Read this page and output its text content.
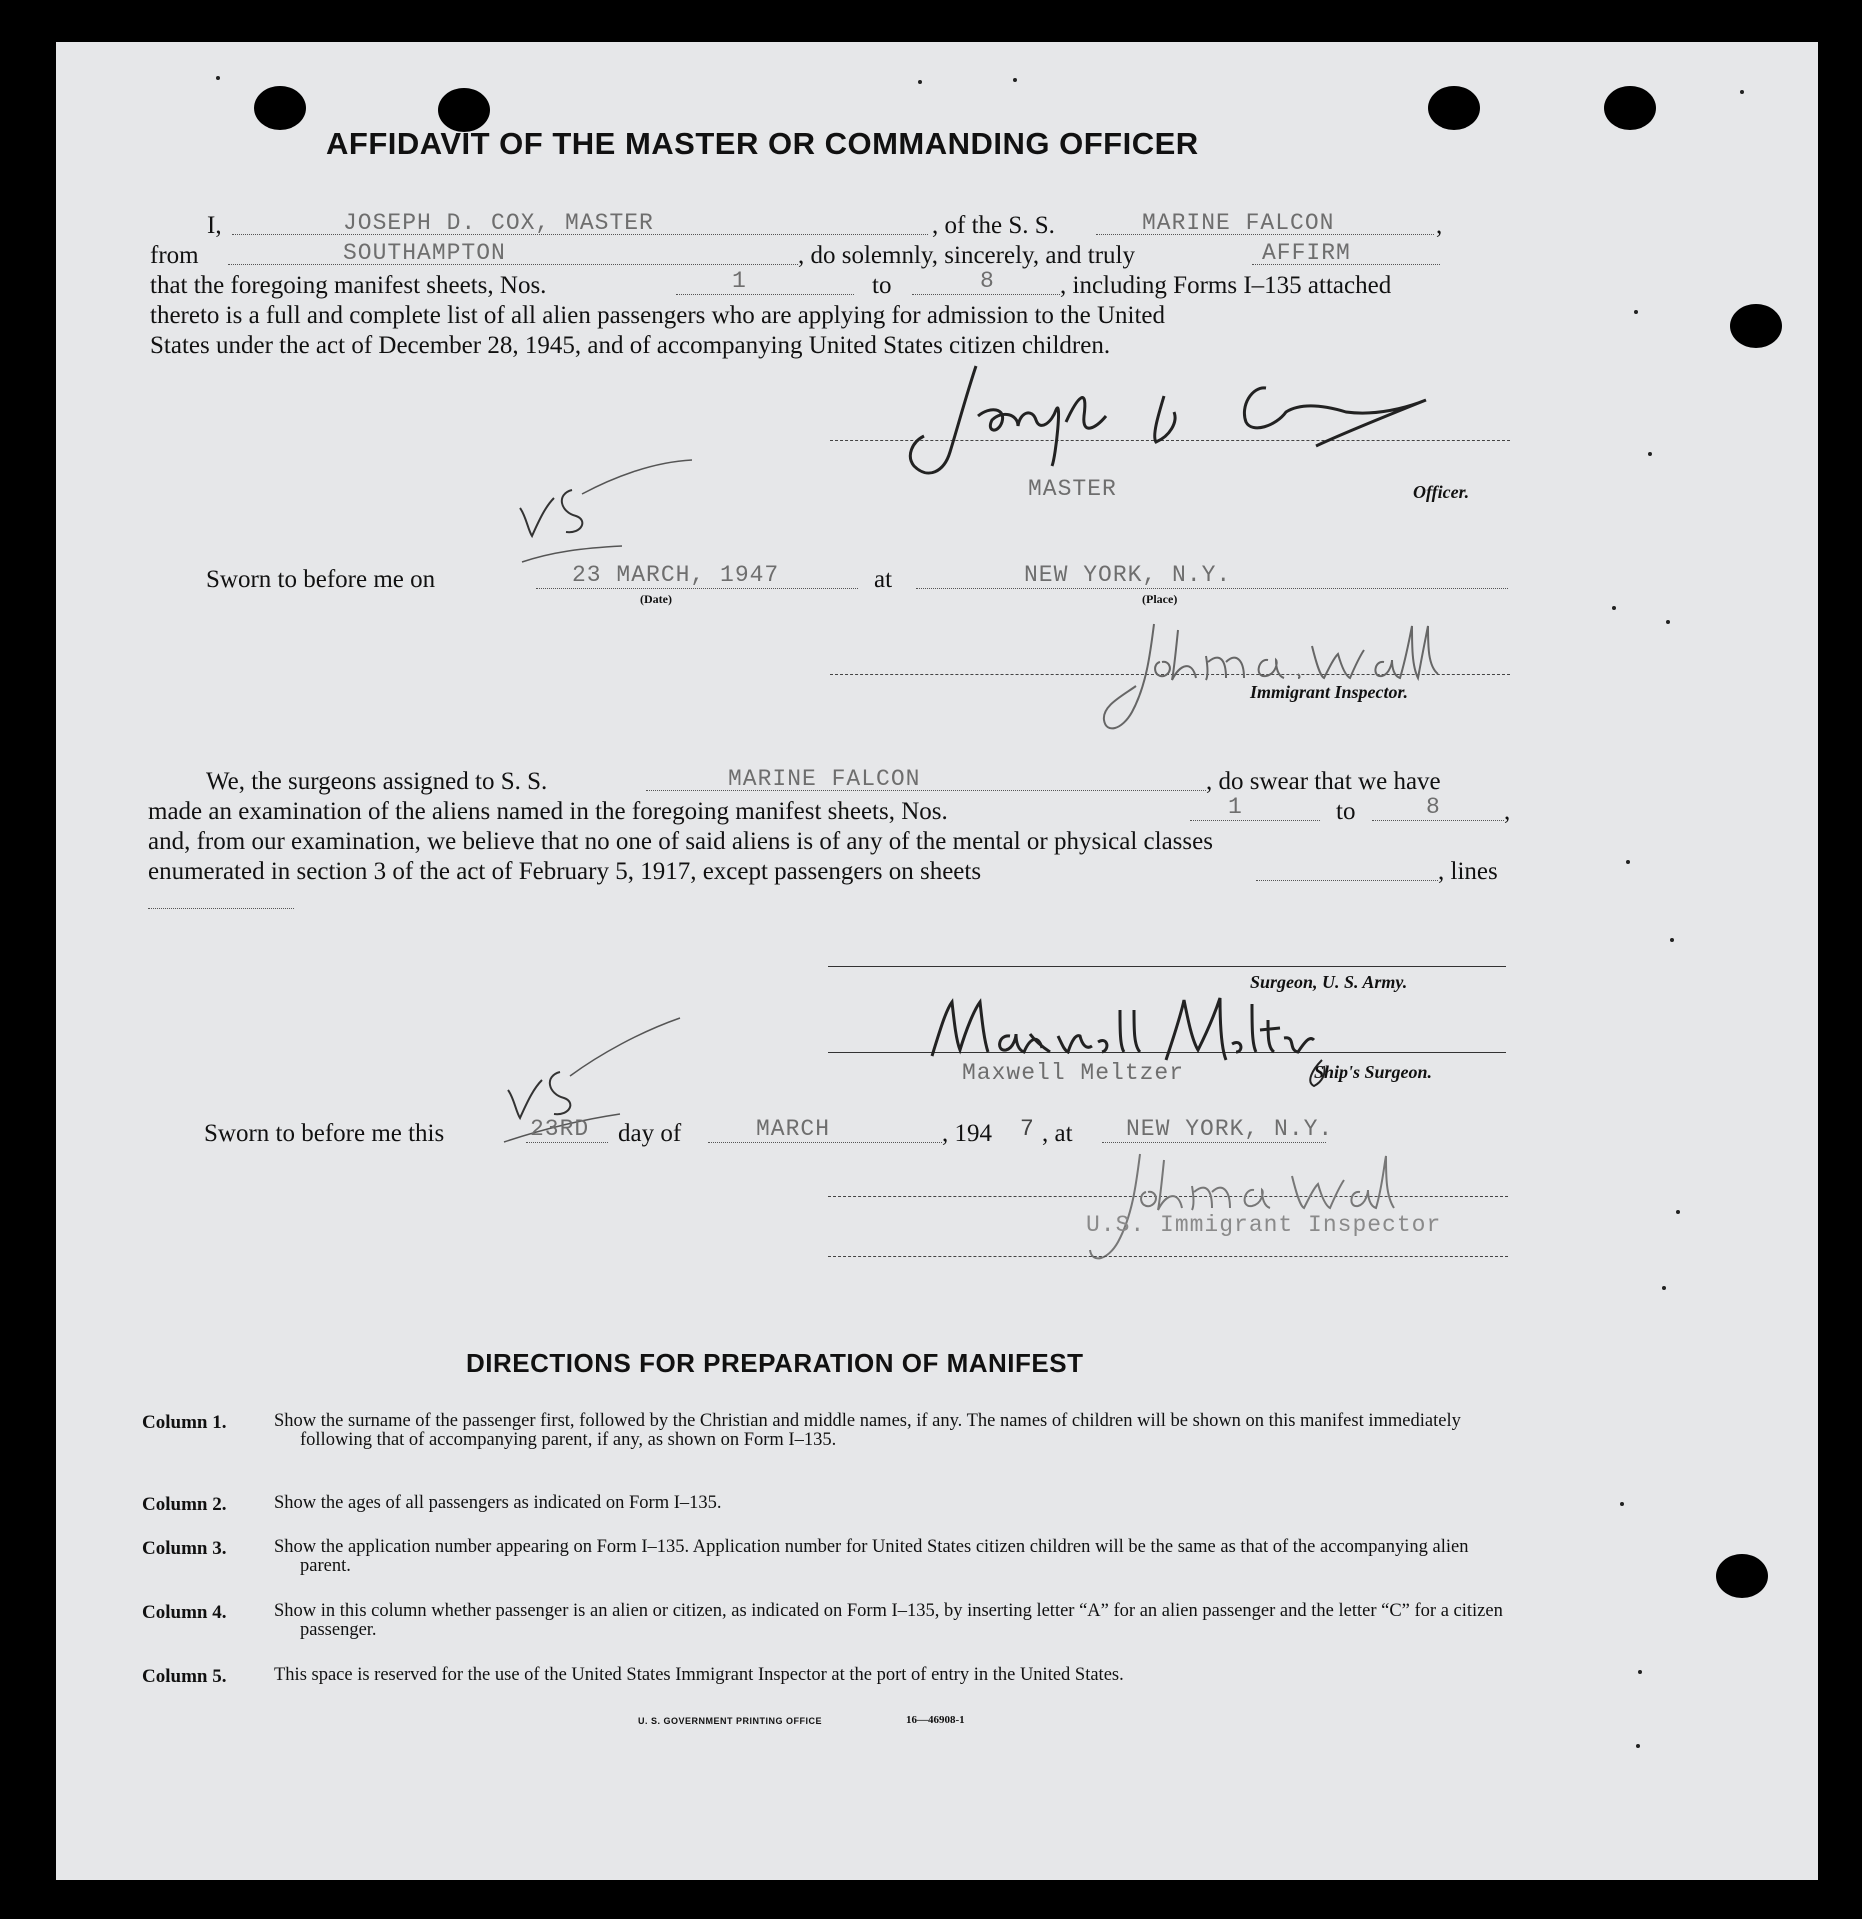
AFFIDAVIT OF THE MASTER OR COMMANDING OFFICER
I,	JOSEPH D. COX, MASTER	, of the S. S.	MARINE FALCON	,
from	SOUTHAMPTON	, do solemnly, sincerely, and truly	AFFIRM
that the foregoing manifest sheets, Nos.	1	to	8	, including Forms I–135 attached
thereto is a full and complete list of all alien passengers who are applying for admission to the United
States under the act of December 28, 1945, and of accompanying United States citizen children.
MASTER	Officer.
Sworn to before me on	23 MARCH, 1947
(Date)
at	NEW YORK, N.Y.
(Place)
Immigrant Inspector.
We, the surgeons assigned to S. S.	MARINE FALCON	, do swear that we have
made an examination of the aliens named in the foregoing manifest sheets, Nos.	1	to	8	,
and, from our examination, we believe that no one of said aliens is of any of the mental or physical classes
enumerated in section 3 of the act of February 5, 1917, except passengers on sheets	, lines
Surgeon, U. S. Army.
Maxwell Meltzer	Ship's Surgeon.
Sworn to before me this	23RD day of	MARCH	, 194 7 , at NEW YORK, N.Y.
U.S. Immigrant Inspector
DIRECTIONS FOR PREPARATION OF MANIFEST
Column 1.	Show the surname of the passenger first, followed by the Christian and middle names, if any. The names of children will be shown on this manifest immediately following that of accompanying parent, if any, as shown on Form I–135.
Column 2.	Show the ages of all passengers as indicated on Form I–135.
Column 3.	Show the application number appearing on Form I–135. Application number for United States citizen children will be the same as that of the accompanying alien parent.
Column 4.	Show in this column whether passenger is an alien or citizen, as indicated on Form I–135, by inserting letter “A” for an alien passenger and the letter “C” for a citizen passenger.
Column 5.	This space is reserved for the use of the United States Immigrant Inspector at the port of entry in the United States.
U. S. GOVERNMENT PRINTING OFFICE	16—46908-1
